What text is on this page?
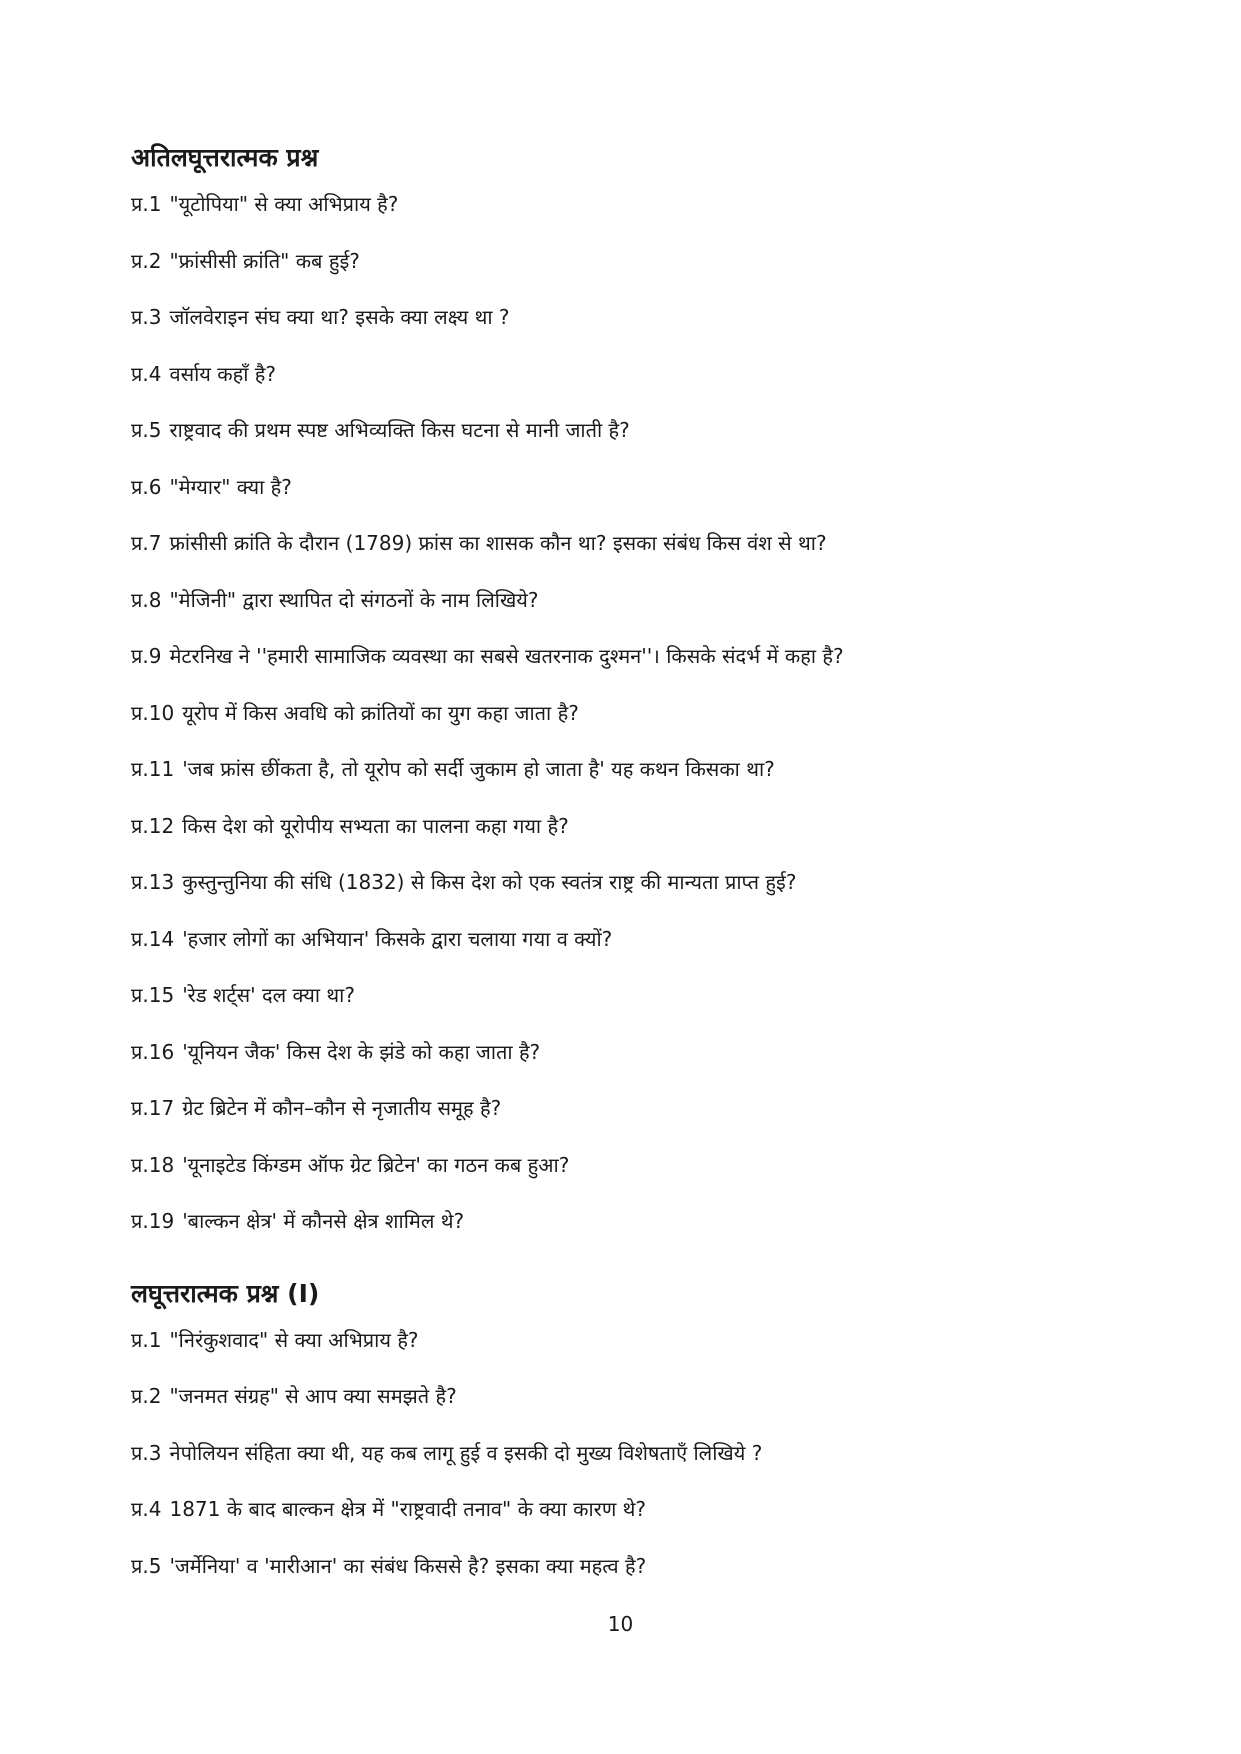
अतिलघूत्तरात्मक प्रश्न
प्र.1 "यूटोपिया" से क्या अभिप्राय है?
प्र.2 "फ्रांसीसी क्रांति" कब हुई?
प्र.3 जॉलवेराइन संघ क्या था? इसके क्या लक्ष्य था ?
प्र.4 वर्साय कहाँ है?
प्र.5 राष्ट्रवाद की प्रथम स्पष्ट अभिव्यक्ति किस घटना से मानी जाती है?
प्र.6 "मेग्यार" क्या है?
प्र.7 फ्रांसीसी क्रांति के दौरान (1789) फ्रांस का शासक कौन था? इसका संबंध किस वंश से था?
प्र.8 "मेजिनी" द्वारा स्थापित दो संगठनों के नाम लिखिये?
प्र.9 मेटरनिख ने ''हमारी सामाजिक व्यवस्था का सबसे खतरनाक दुश्मन''। किसके संदर्भ में कहा है?
प्र.10 यूरोप में किस अवधि को क्रांतियों का युग कहा जाता है?
प्र.11 'जब फ्रांस छींकता है, तो यूरोप को सर्दी जुकाम हो जाता है' यह कथन किसका था?
प्र.12 किस देश को यूरोपीय सभ्यता का पालना कहा गया है?
प्र.13 कुस्तुन्तुनिया की संधि (1832) से किस देश को एक स्वतंत्र राष्ट्र की मान्यता प्राप्त हुई?
प्र.14 'हजार लोगों का अभियान' किसके द्वारा चलाया गया व क्यों?
प्र.15 'रेड शर्ट्स' दल क्या था?
प्र.16 'यूनियन जैक' किस देश के झंडे को कहा जाता है?
प्र.17 ग्रेट ब्रिटेन में कौन–कौन से नृजातीय समूह है?
प्र.18 'यूनाइटेड किंग्डम ऑफ ग्रेट ब्रिटेन' का गठन कब हुआ?
प्र.19 'बाल्कन क्षेत्र' में कौनसे क्षेत्र शामिल थे?
लघूत्तरात्मक प्रश्न (I)
प्र.1 "निरंकुशवाद" से क्या अभिप्राय है?
प्र.2 "जनमत संग्रह" से आप क्या समझते है?
प्र.3 नेपोलियन संहिता क्या थी, यह कब लागू हुई व इसकी दो मुख्य विशेषताएँ लिखिये ?
प्र.4 1871 के बाद बाल्कन क्षेत्र में "राष्ट्रवादी तनाव" के क्या कारण थे?
प्र.5 'जर्मेनिया' व 'मारीआन' का संबंध किससे है? इसका क्या महत्व है?
10
